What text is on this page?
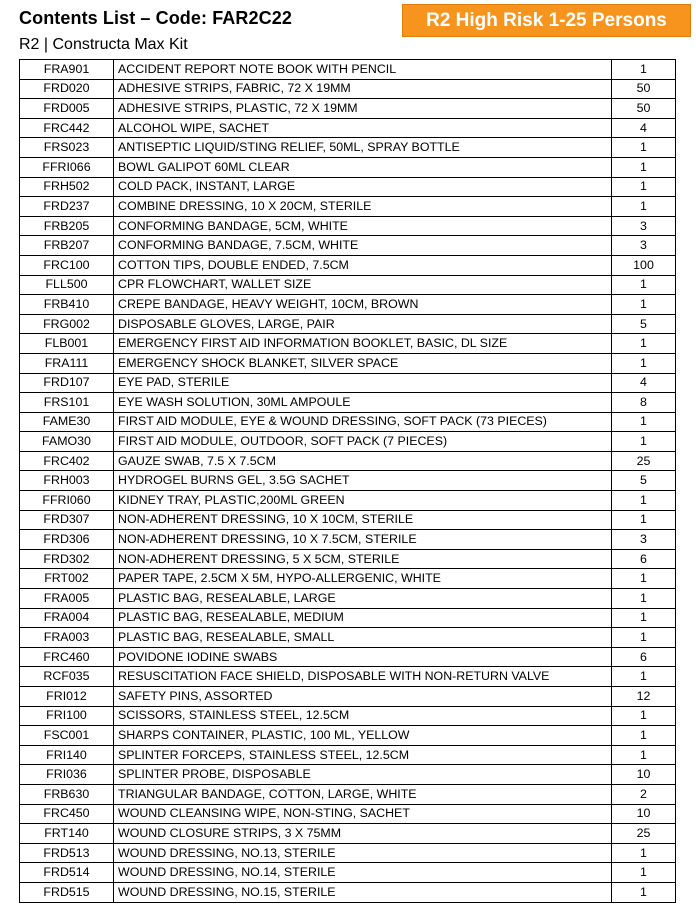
Contents List – Code: FAR2C22	R2 High Risk 1-25 Persons
R2 | Constructa Max Kit
FRA901	ACCIDENT REPORT NOTE BOOK WITH PENCIL	1
FRD020	ADHESIVE STRIPS, FABRIC, 72 X 19MM	50
FRD005	ADHESIVE STRIPS, PLASTIC, 72 X 19MM	50
FRC442	ALCOHOL WIPE, SACHET	4
FRS023	ANTISEPTIC LIQUID/STING RELIEF, 50ML, SPRAY BOTTLE	1
FFRI066	BOWL GALIPOT 60ML CLEAR	1
FRH502	COLD PACK, INSTANT, LARGE	1
FRD237	COMBINE DRESSING, 10 X 20CM, STERILE	1
FRB205	CONFORMING BANDAGE, 5CM, WHITE	3
FRB207	CONFORMING BANDAGE, 7.5CM, WHITE	3
FRC100	COTTON TIPS, DOUBLE ENDED, 7.5CM	100
FLL500	CPR FLOWCHART, WALLET SIZE	1
FRB410	CREPE BANDAGE, HEAVY WEIGHT, 10CM, BROWN	1
FRG002	DISPOSABLE GLOVES, LARGE, PAIR	5
FLB001	EMERGENCY FIRST AID INFORMATION BOOKLET, BASIC, DL SIZE	1
FRA111	EMERGENCY SHOCK BLANKET, SILVER SPACE	1
FRD107	EYE PAD, STERILE	4
FRS101	EYE WASH SOLUTION, 30ML AMPOULE	8
FAME30	FIRST AID MODULE, EYE & WOUND DRESSING, SOFT PACK (73 PIECES)	1
FAMO30	FIRST AID MODULE, OUTDOOR, SOFT PACK (7 PIECES)	1
FRC402	GAUZE SWAB, 7.5 X 7.5CM	25
FRH003	HYDROGEL BURNS GEL, 3.5G SACHET	5
FFRI060	KIDNEY TRAY, PLASTIC,200ML GREEN	1
FRD307	NON-ADHERENT DRESSING, 10 X 10CM, STERILE	1
FRD306	NON-ADHERENT DRESSING, 10 X 7.5CM, STERILE	3
FRD302	NON-ADHERENT DRESSING, 5 X 5CM, STERILE	6
FRT002	PAPER TAPE, 2.5CM X 5M, HYPO-ALLERGENIC, WHITE	1
FRA005	PLASTIC BAG, RESEALABLE, LARGE	1
FRA004	PLASTIC BAG, RESEALABLE, MEDIUM	1
FRA003	PLASTIC BAG, RESEALABLE, SMALL	1
FRC460	POVIDONE IODINE SWABS	6
RCF035	RESUSCITATION FACE SHIELD, DISPOSABLE WITH NON-RETURN VALVE	1
FRI012	SAFETY PINS, ASSORTED	12
FRI100	SCISSORS, STAINLESS STEEL, 12.5CM	1
FSC001	SHARPS CONTAINER, PLASTIC, 100 ML, YELLOW	1
FRI140	SPLINTER FORCEPS, STAINLESS STEEL, 12.5CM	1
FRI036	SPLINTER PROBE, DISPOSABLE	10
FRB630	TRIANGULAR BANDAGE, COTTON, LARGE, WHITE	2
FRC450	WOUND CLEANSING WIPE, NON-STING, SACHET	10
FRT140	WOUND CLOSURE STRIPS, 3 X 75MM	25
FRD513	WOUND DRESSING, NO.13, STERILE	1
FRD514	WOUND DRESSING, NO.14, STERILE	1
FRD515	WOUND DRESSING, NO.15, STERILE	1
